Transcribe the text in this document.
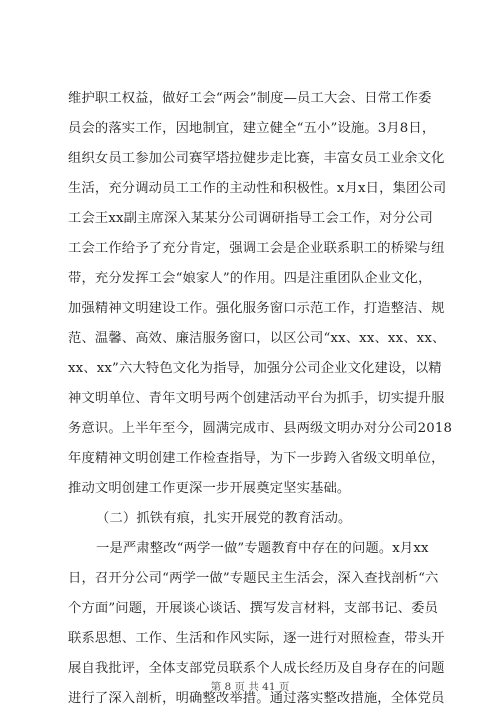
维护职工权益，做好工会“两会”制度—员工大会、日常工作委
员会的落实工作，因地制宜，建立健全“五小”设施。3月8日，
组织女员工参加公司赛罕塔拉健步走比赛，丰富女员工业余文化
生活，充分调动员工工作的主动性和积极性。x月x日，集团公司
工会王xx副主席深入某某分公司调研指导工会工作，对分公司
工会工作给予了充分肯定，强调工会是企业联系职工的桥梁与纽
带，充分发挥工会“娘家人”的作用。四是注重团队企业文化，
加强精神文明建设工作。强化服务窗口示范工作，打造整洁、规
范、温馨、高效、廉洁服务窗口，以区公司“xx、xx、xx、xx、
xx、xx”六大特色文化为指导，加强分公司企业文化建设，以精
神文明单位、青年文明号两个创建活动平台为抓手，切实提升服
务意识。上半年至今，圆满完成市、县两级文明办对分公司2018
年度精神文明创建工作检查指导，为下一步跨入省级文明单位，
推动文明创建工作更深一步开展奠定坚实基础。
（二）抓铁有痕，扎实开展党的教育活动。
一是严肃整改“两学一做”专题教育中存在的问题。x月xx
日，召开分公司“两学一做”专题民主生活会，深入查找剖析“六
个方面”问题，开展谈心谈话、撰写发言材料，支部书记、委员
联系思想、工作、生活和作风实际，逐一进行对照检查，带头开
展自我批评，全体支部党员联系个人成长经历及自身存在的问题
进行了深入剖析，明确整改举措。通过落实整改措施，全体党员
第 8 页 共 41 页
